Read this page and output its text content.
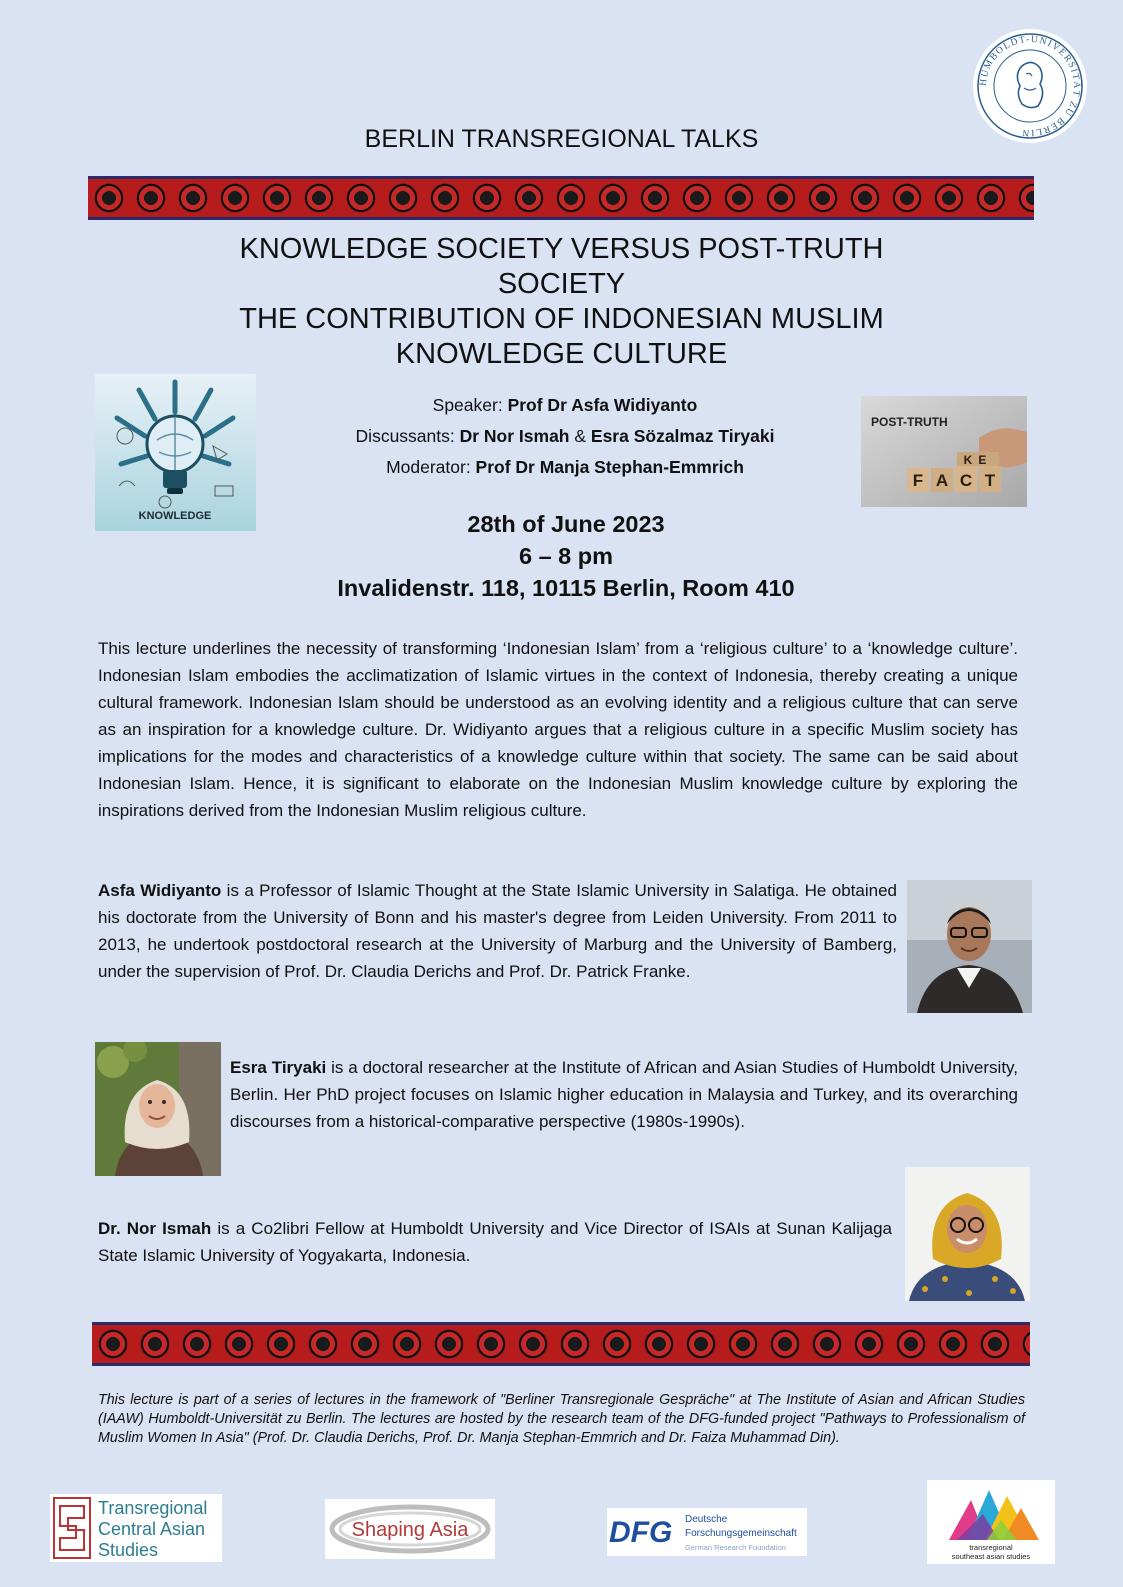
HUMBOLDT-UNIVERSITÄT ZU BERLIN
BERLIN TRANSREGIONAL TALKS
KNOWLEDGE SOCIETY VERSUS POST-TRUTH
SOCIETY
THE CONTRIBUTION OF INDONESIAN MUSLIM
KNOWLEDGE CULTURE
KNOWLEDGE
Speaker: Prof Dr Asfa Widiyanto
Discussants: Dr Nor Ismah & Esra Sözalmaz Tiryaki
Moderator: Prof Dr Manja Stephan-Emmrich
POST-TRUTH
F A C T
KE
28th of June 2023
6 – 8 pm
Invalidenstr. 118, 10115 Berlin, Room 410
This lecture underlines the necessity of transforming ‘Indonesian Islam’ from a ‘religious culture’ to a ‘knowledge culture’. Indonesian Islam embodies the acclimatization of Islamic virtues in the context of Indonesia, thereby creating a unique cultural framework. Indonesian Islam should be understood as an evolving identity and a religious culture that can serve as an inspiration for a knowledge culture. Dr. Widiyanto argues that a religious culture in a specific Muslim society has implications for the modes and characteristics of a knowledge culture within that society. The same can be said about Indonesian Islam. Hence, it is significant to elaborate on the Indonesian Muslim knowledge culture by exploring the inspirations derived from the Indonesian Muslim religious culture.
Asfa Widiyanto is a Professor of Islamic Thought at the State Islamic University in Salatiga. He obtained his doctorate from the University of Bonn and his master's degree from Leiden University. From 2011 to 2013, he undertook postdoctoral research at the University of Marburg and the University of Bamberg, under the supervision of Prof. Dr. Claudia Derichs and Prof. Dr. Patrick Franke.
Esra Tiryaki is a doctoral researcher at the Institute of African and Asian Studies of Humboldt University, Berlin. Her PhD project focuses on Islamic higher education in Malaysia and Turkey, and its overarching discourses from a historical-comparative perspective (1980s-1990s).
Dr. Nor Ismah is a Co2libri Fellow at Humboldt University and Vice Director of ISAIs at Sunan Kalijaga State Islamic University of Yogyakarta, Indonesia.
This lecture is part of a series of lectures in the framework of "Berliner Transregionale Gespräche" at The Institute of Asian and African Studies (IAAW) Humboldt-Universität zu Berlin. The lectures are hosted by the research team of the DFG-funded project "Pathways to Professionalism of Muslim Women In Asia" (Prof. Dr. Claudia Derichs, Prof. Dr. Manja Stephan-Emmrich and Dr. Faiza Muhammad Din).
Transregional
Central Asian
Studies
Shaping Asia	DFG Deutsche
Forschungsgemeinschaft
German Research Foundation	transregional
southeast asian studies
